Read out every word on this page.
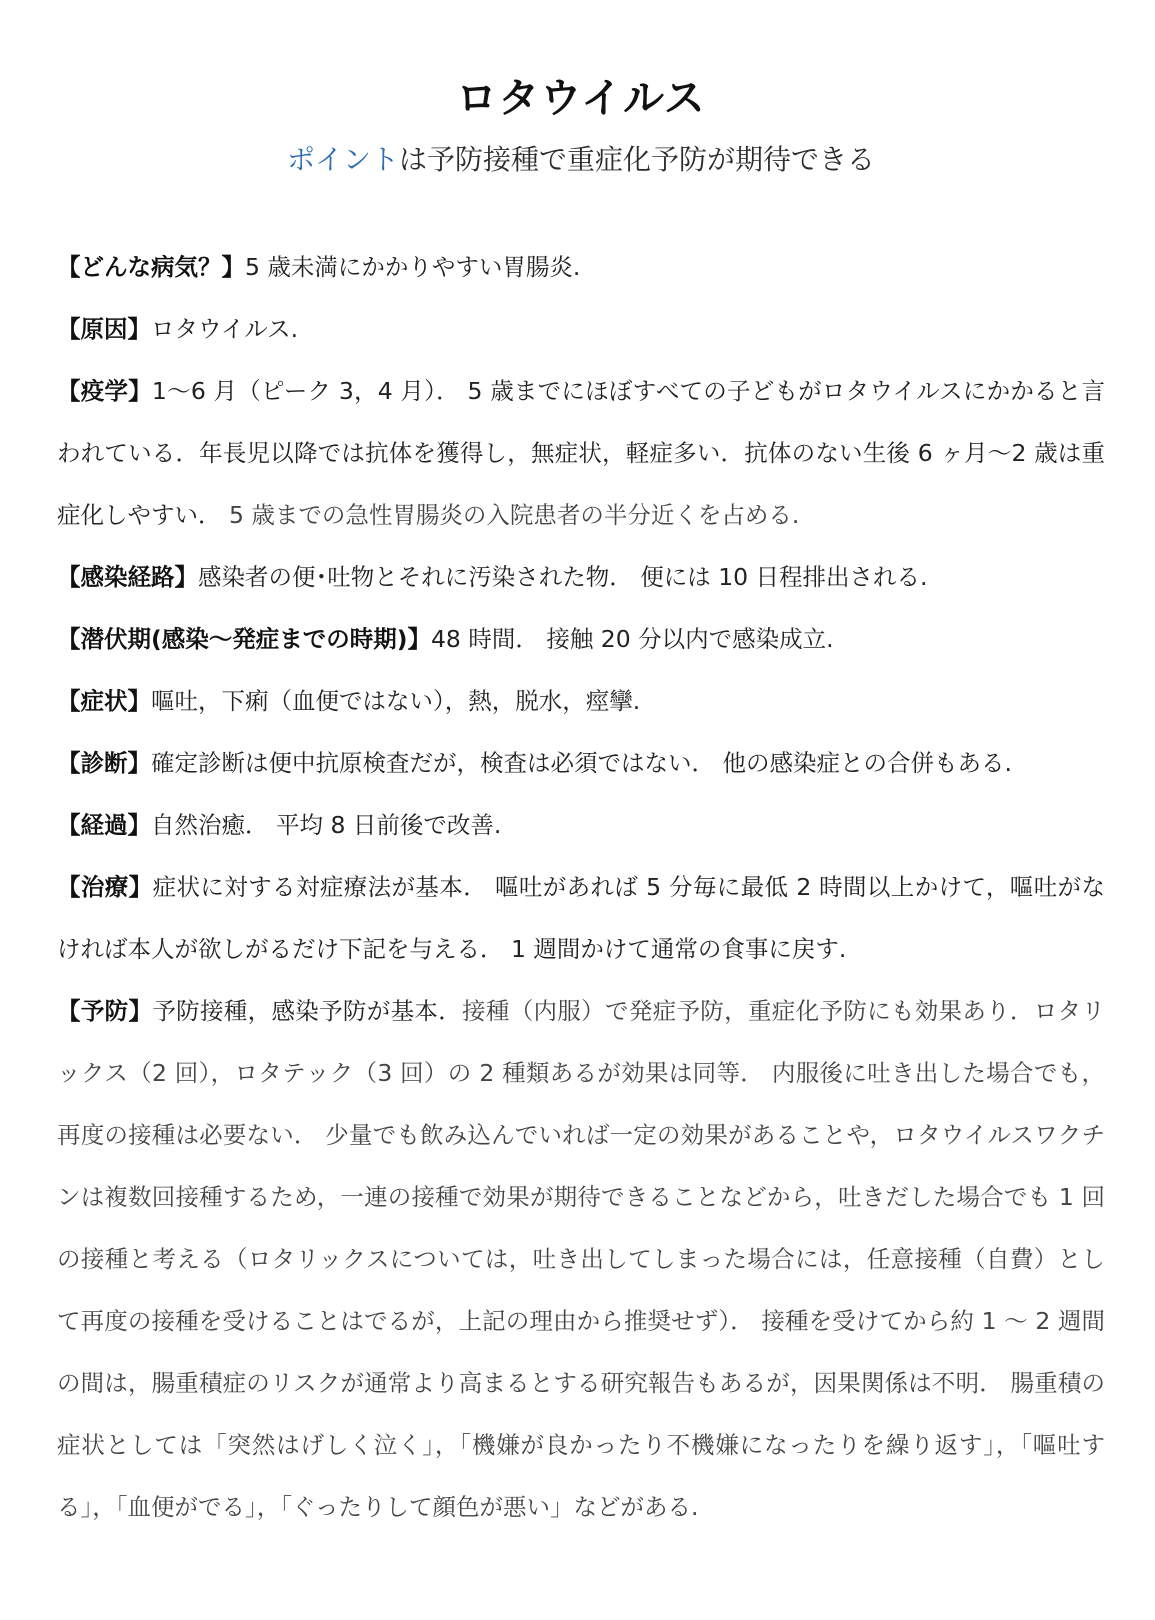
ロタウイルス

ポイントは予防接種で重症化予防が期待できる

【どんな病気？】5 歳未満にかかりやすい胃腸炎.

【原因】ロタウイルス.

【疫学】1～6 月（ピーク 3，4 月）． 5 歳までにほぼすべての子どもがロタウイルスにかかると言われている．年長児以降では抗体を獲得し，無症状，軽症多い．抗体のない生後 6 ヶ月～2 歳は重症化しやすい． 5 歳までの急性胃腸炎の入院患者の半分近くを占める.

【感染経路】感染者の便･吐物とそれに汚染された物． 便には 10 日程排出される.

【潜伏期(感染～発症までの時期)】48 時間． 接触 20 分以内で感染成立.

【症状】嘔吐，下痢（血便ではない），熱，脱水，痙攣.

【診断】確定診断は便中抗原検査だが，検査は必須ではない． 他の感染症との合併もある.

【経過】自然治癒． 平均 8 日前後で改善.

【治療】症状に対する対症療法が基本． 嘔吐があれば 5 分毎に最低 2 時間以上かけて，嘔吐がなければ本人が欲しがるだけ下記を与える． 1 週間かけて通常の食事に戻す.

【予防】予防接種，感染予防が基本．接種（内服）で発症予防，重症化予防にも効果あり．ロタリックス（2 回），ロタテック（3 回）の 2 種類あるが効果は同等． 内服後に吐き出した場合でも，再度の接種は必要ない． 少量でも飲み込んでいれば一定の効果があることや，ロタウイルスワクチンは複数回接種するため，一連の接種で効果が期待できることなどから，吐きだした場合でも 1 回の接種と考える（ロタリックスについては，吐き出してしまった場合には，任意接種（自費）として再度の接種を受けることはでるが，上記の理由から推奨せず）． 接種を受けてから約 1 ～ 2 週間の間は，腸重積症のリスクが通常より高まるとする研究報告もあるが，因果関係は不明． 腸重積の症状としては「突然はげしく泣く」，「機嫌が良かったり不機嫌になったりを繰り返す」，「嘔吐する」，「血便がでる」，「ぐったりして顔色が悪い」などがある.
